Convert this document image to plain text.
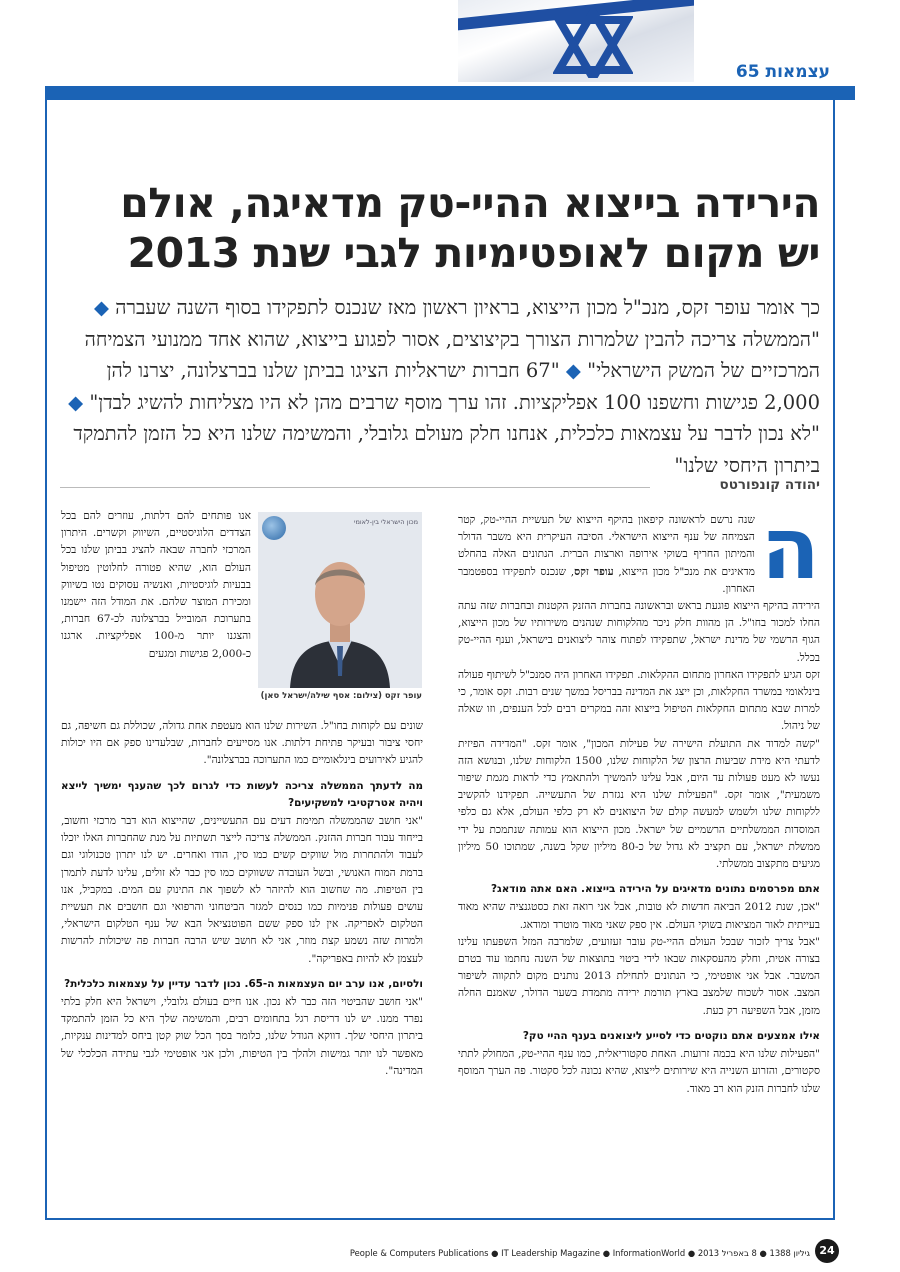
עצמאות 65
הירידה בייצוא ההיי-טק מדאיגה, אולם
יש מקום לאופטימיות לגבי שנת 2013
כך אומר עופר זקס, מנכ"ל מכון הייצוא, בראיון ראשון מאז שנכנס לתפקידו בסוף השנה שעברה ◆ "הממשלה צריכה להבין שלמרות הצורך בקיצוצים, אסור לפגוע בייצוא, שהוא אחד ממנועי הצמיחה המרכזיים של המשק הישראלי" ◆ "67 חברות ישראליות הציגו בביתן שלנו בברצלונה, יצרנו להן 2,000 פגישות וחשפנו 100 אפליקציות. זהו ערך מוסף שרבים מהן לא היו מצליחות להשיג לבדן" ◆ "לא נכון לדבר על עצמאות כלכלית, אנחנו חלק מעולם גלובלי, והמשימה שלנו היא כל הזמן להתמקד ביתרון היחסי שלנו"
יהודה קונפורטס

ה
שנה נרשם לראשונה קיפאון בהיקף הייצוא של תעשיית ההיי-טק, קטר הצמיחה של ענף הייצוא הישראלי. הסיבה העיקרית היא משבר הדולר והמיתון החריף בשוקי אירופה וארצות הברית. הנתונים האלה בהחלט מדאיגים את מנכ"ל מכון הייצוא, עופר זקס, שנכנס לתפקידו בספטמבר האחרון.

הירידה בהיקף הייצוא פוגעת בראש ובראשונה בחברות ההזנק הקטנות ובחברות שזה עתה החלו למכור בחו"ל. הן מהוות חלק ניכר מהלקוחות שנהנים משירותיו של מכון הייצוא, הגוף הרשמי של מדינת ישראל, שתפקידו לפתוח צוהר ליצואנים בישראל, וענף ההיי-טק בכלל.

זקס הגיע לתפקידו האחרון מתחום ההקלאות. תפקידו האחרון היה סמנכ"ל לשיתוף פעולה בינלאומי במשרד החקלאות, וכן ייצג את המדינה בבריסל במשך שנים רבות. זקס אומר, כי למרות שבא מתחום החקלאות הטיפול בייצוא זהה במקרים רבים לכל הענפים, וזו שאלה של ניהול.

"קשה למדוד את התועלת הישירה של פעילות המכון", אומר זקס. "המדידה הפיזית לדעתי היא מידת שביעות הרצון של הלקוחות שלנו, 1500 הלקוחות שלנו, ובנושא הזה נעשו לא מעט פעולות עד היום, אבל עלינו להמשיך ולהתאמץ כדי לראות מגמת שיפור משמעית", אומר זקס. "הפעילות שלנו היא נגזרת של התעשייה. תפקידנו להקשיב ללקוחות שלנו ולשמש למעשה קולם של היצואנים לא רק כלפי העולם, אלא גם כלפי המוסדות הממשלתיים הרשמיים של ישראל. מכון הייצוא הוא עמותה שנתמכת על ידי ממשלת ישראל, עם תקציב לא גדול של כ-80 מיליון שקל בשנה, שמתוכו 50 מיליון מגיעים מתקצוב ממשלתי.

אתם מפרסמים נתונים מדאיגים על הירידה בייצוא. האם אתה מודאג?

"אכן, שנת 2012 הביאה חדשות לא טובות, אבל אני רואה זאת כסטגנציה שהיא מאוד בעייתית לאור המציאות בשוקי העולם. אין ספק שאני מאוד מוטרד ומודאג.

"אבל צריך לזכור שבכל העולם ההיי-טק עובר זעזועים, שלמרבה המזל השפעתו עלינו בצורה אטית, וחלק מהעסקאות שבאו לידי ביטוי בתוצאות של השנה נחתמו עוד בטרם המשבר. אבל אני אופטימי, כי הנתונים לתחילת 2013 נותנים מקום לתקווה לשיפור המצב. אסור לשכוח שלמצב בארץ תורמת ירידה מתמדת בשער הדולר, שאמנם החלה מזמן, אבל השפיעה רק כעת.

אילו אמצעים אתם נוקטים כדי לסייע ליצואנים בענף ההיי טק?

"הפעילות שלנו היא בכמה זרועות. האחת סקטוריאלית, כמו ענף ההיי-טק, המחולק לתתי סקטורים, והזרוע השנייה היא שירותים לייצוא, שהיא נכונה לכל סקטור. פה הערך המוסף שלנו לחברות הזנק הוא רב מאוד.

אנו פותחים להם דלתות, עוזרים להם בכל הצדדים הלוגיסטיים, השיווק וקשרים. היתרון המרכזי לחברה שבאה להציג בביתן שלנו בכל העולם הוא, שהיא פטורה לחלוטין מטיפול בבעיות לוגיסטיות, ואנשיה עסוקים נטו בשיווק ומכירת המוצר שלהם. את המודל הזה יישמנו בתערוכת המובייל בברצלונה לכ-67 חברות, והצגנו יותר מ-100 אפליקציות. ארגנו כ-2,000 פגישות ומגעים

מכון הישראלי בין-לאומי
עופר זקס (צילום: אסף שילה/ישראל סאן)

שונים עם לקוחות בחו"ל. השירות שלנו הוא מעטפת אחת גדולה, שכוללת גם חשיפה, גם יחסי ציבור ובעיקר פתיחת דלתות. אנו מסייעים לחברות, שבלעדינו ספק אם היו יכולות להגיע לאירועים בינלאומיים כמו התערוכה בברצלונה".

מה לדעתך הממשלה צריכה לעשות כדי לגרום לכך שהענף ימשיך לייצא ויהיה אטרקטיבי למשקיעים?

"אני חושב שהממשלה תמימת דעים עם התעשיינים, שהייצוא הוא דבר מרכזי וחשוב, בייחוד עבור חברות ההזנק. הממשלה צריכה לייצר תשתיות על מנת שהחברות האלו יוכלו לעבוד ולהתחרות מול שווקים קשים כמו סין, הודו ואחרים. יש לנו יתרון טכנולוגי וגם ברמת המוח האנושי, ובשל העובדה ששווקים כמו סין כבר לא זולים, עלינו לדעת לתמרן בין הטיפות. מה שחשוב הוא להיזהר לא לשפוך את התינוק עם המים. במקביל, אנו עושים פעולות פנימיות כמו כנסים למגזר הביטחוני והרפואי וגם חושבים את תעשיית הטלקום לאפריקה. אין לנו ספק ששם הפוטנציאל הבא של ענף הטלקום הישראלי, ולמרות שזה נשמע קצת מוזר, אני לא חושב שיש הרבה חברות פה שיכולות להרשות לעצמן לא להיות באפריקה".

ולסיום, אנו ערב יום העצמאות ה-65. נכון לדבר עדיין על עצמאות כלכלית?

"אני חושב שהביטוי הזה כבר לא נכון. אנו חיים בעולם גלובלי, וישראל היא חלק בלתי נפרד ממנו. יש לנו דריסת רגל בתחומים רבים, והמשימה שלך היא כל הזמן להתמקד ביתרון היחסי שלך. דווקא הגודל שלנו, כלומר בסך הכל שוק קטן ביחס למדינות ענקיות, מאפשר לנו יותר גמישות ולהלך בין הטיפות, ולכן אני אופטימי לגבי עתידה הכלכלי של המדינה".

People & Computers Publications ● IT Leadership Magazine ● InformationWorld ● גיליון 1388 ● 8 באפריל 2013 24
